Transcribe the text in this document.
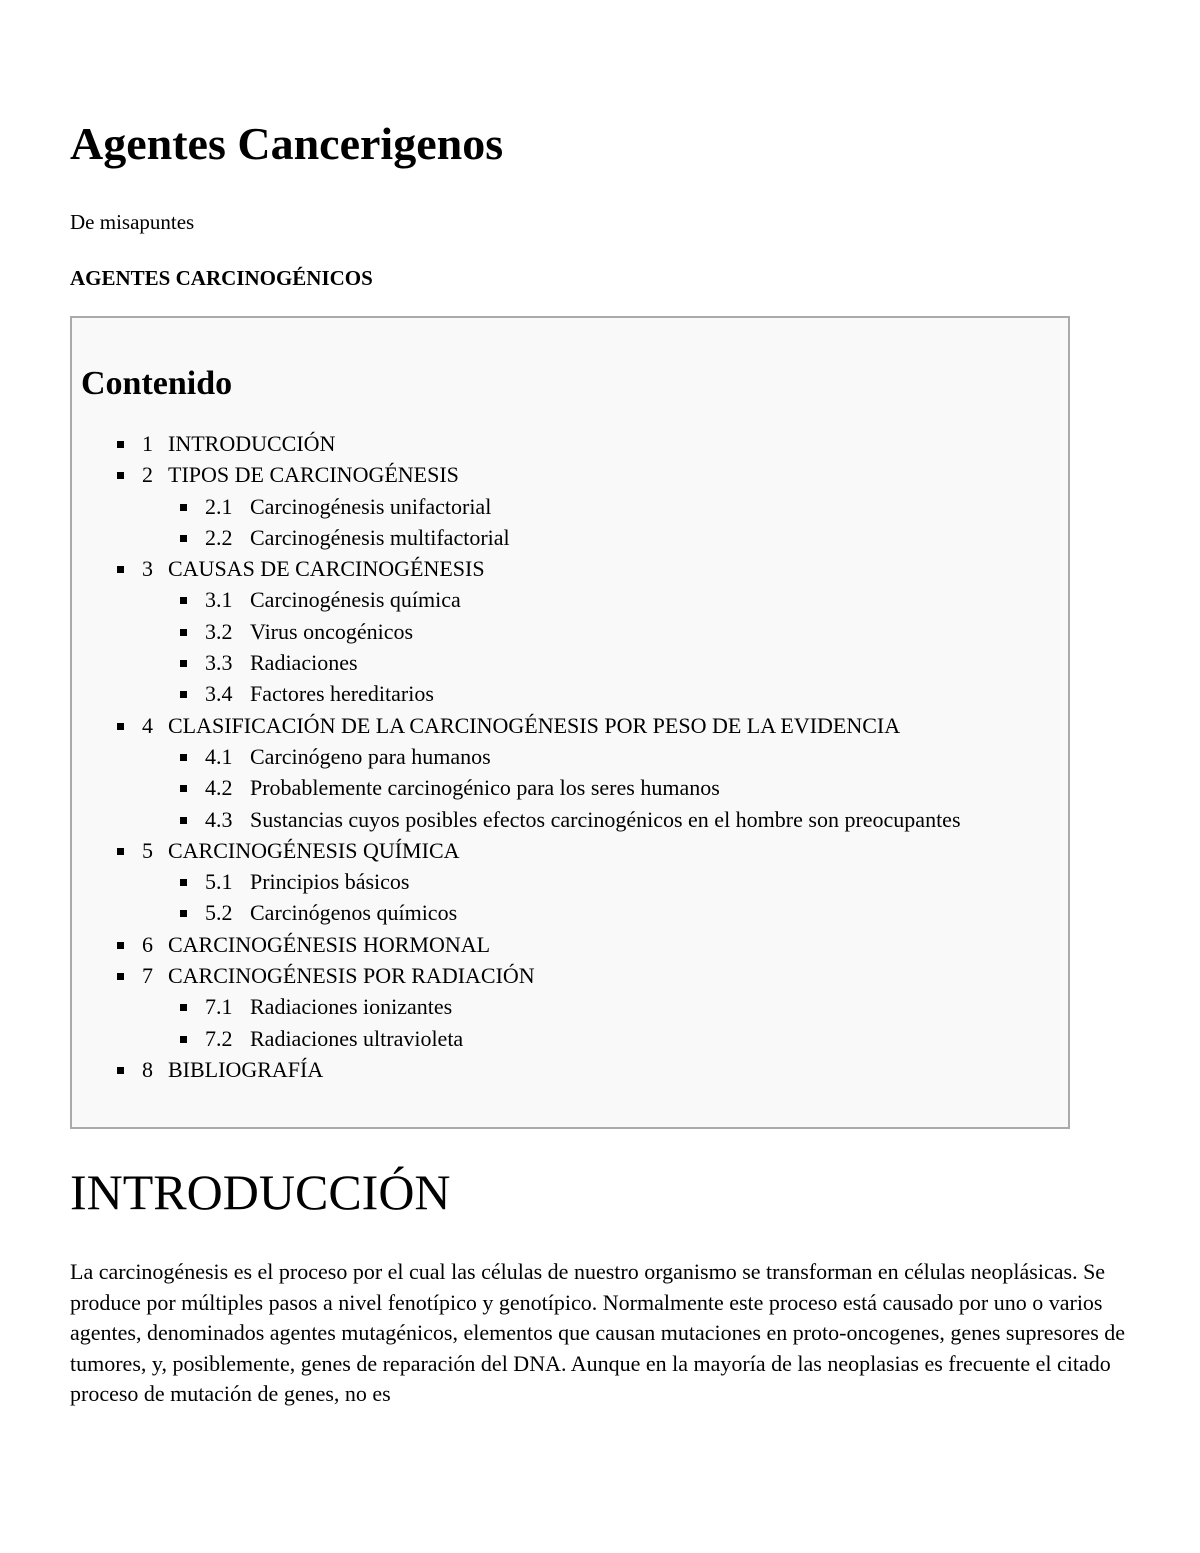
Agentes Cancerigenos

De misapuntes

AGENTES CARCINOGÉNICOS

Contenido
1 INTRODUCCIÓN
2 TIPOS DE CARCINOGÉNESIS
2.1 Carcinogénesis unifactorial
2.2 Carcinogénesis multifactorial
3 CAUSAS DE CARCINOGÉNESIS
3.1 Carcinogénesis química
3.2 Virus oncogénicos
3.3 Radiaciones
3.4 Factores hereditarios
4 CLASIFICACIÓN DE LA CARCINOGÉNESIS POR PESO DE LA EVIDENCIA
4.1 Carcinógeno para humanos
4.2 Probablemente carcinogénico para los seres humanos
4.3 Sustancias cuyos posibles efectos carcinogénicos en el hombre son preocupantes
5 CARCINOGÉNESIS QUÍMICA
5.1 Principios básicos
5.2 Carcinógenos químicos
6 CARCINOGÉNESIS HORMONAL
7 CARCINOGÉNESIS POR RADIACIÓN
7.1 Radiaciones ionizantes
7.2 Radiaciones ultravioleta
8 BIBLIOGRAFÍA
INTRODUCCIÓN

La carcinogénesis es el proceso por el cual las células de nuestro organismo se transforman en células neoplásicas. Se produce por múltiples pasos a nivel fenotípico y genotípico. Normalmente este proceso está causado por uno o varios agentes, denominados agentes mutagénicos, elementos que causan mutaciones en proto-oncogenes, genes supresores de tumores, y, posiblemente, genes de reparación del DNA. Aunque en la mayoría de las neoplasias es frecuente el citado proceso de mutación de genes, no es
